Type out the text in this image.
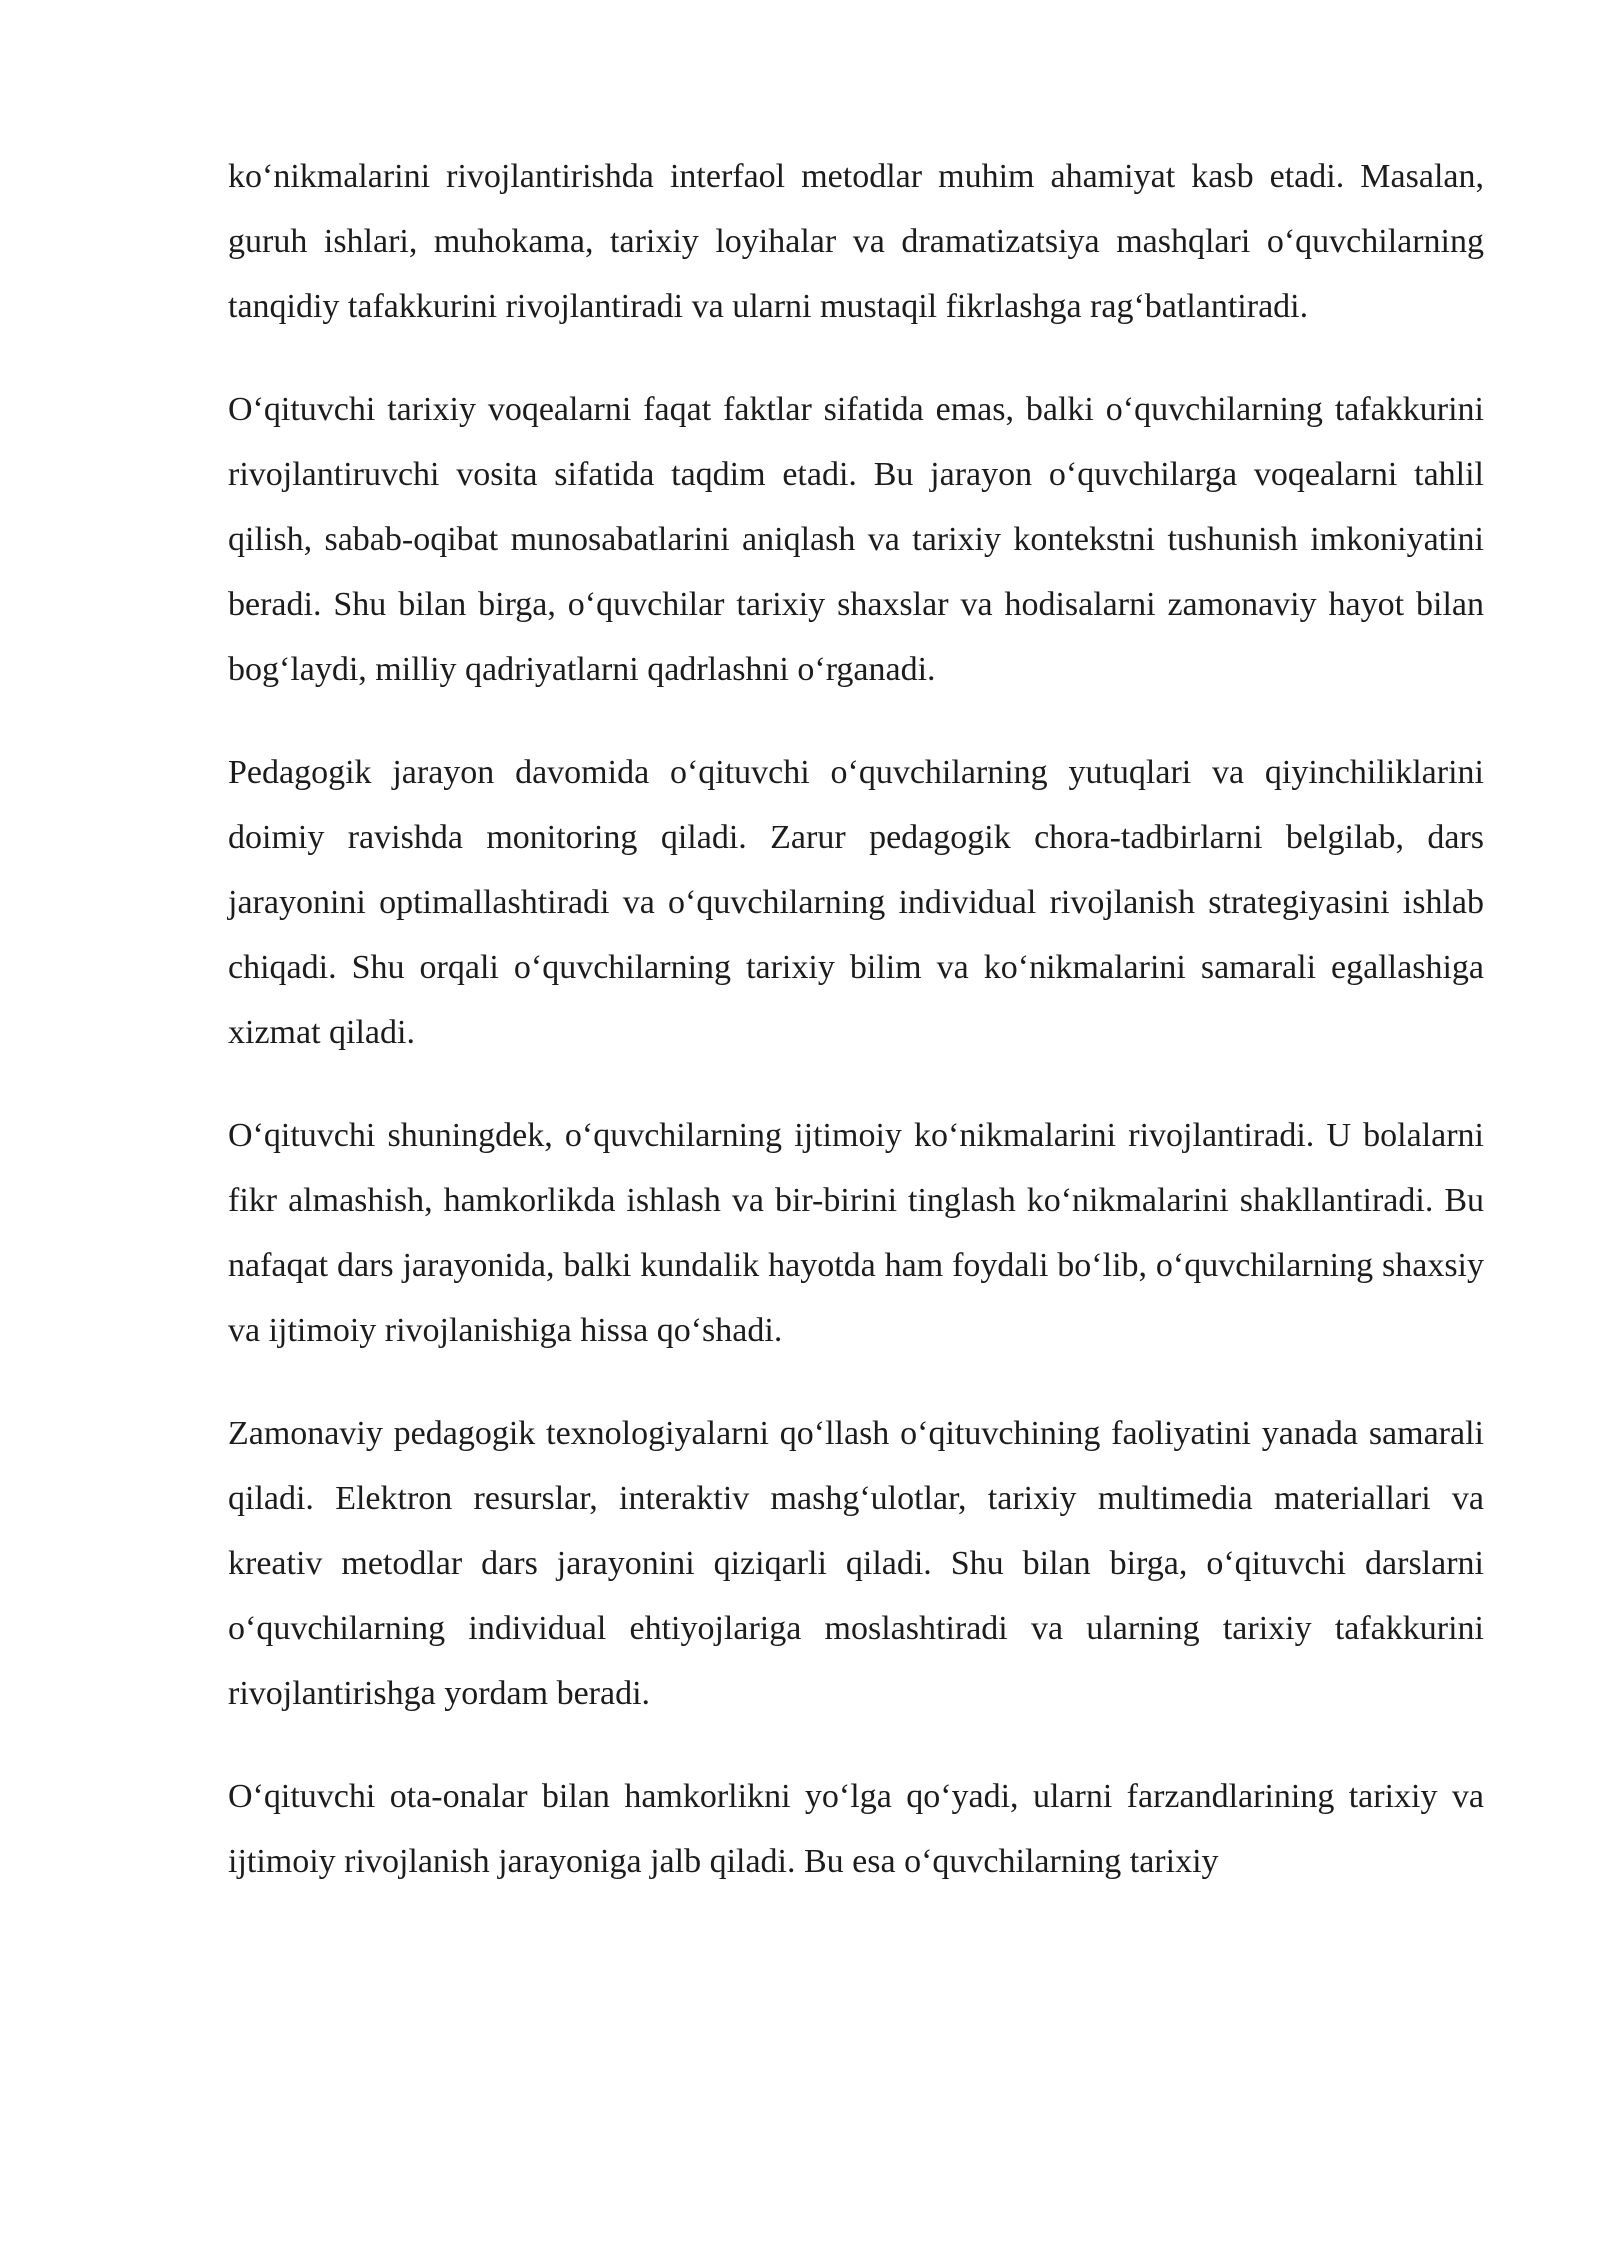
ko‘nikmalarini rivojlantirishda interfaol metodlar muhim ahamiyat kasb etadi. Masalan, guruh ishlari, muhokama, tarixiy loyihalar va dramatizatsiya mashqlari o‘quvchilarning tanqidiy tafakkurini rivojlantiradi va ularni mustaqil fikrlashga rag‘batlantiradi.

O‘qituvchi tarixiy voqealarni faqat faktlar sifatida emas, balki o‘quvchilarning tafakkurini rivojlantiruvchi vosita sifatida taqdim etadi. Bu jarayon o‘quvchilarga voqealarni tahlil qilish, sabab-oqibat munosabatlarini aniqlash va tarixiy kontekstni tushunish imkoniyatini beradi. Shu bilan birga, o‘quvchilar tarixiy shaxslar va hodisalarni zamonaviy hayot bilan bog‘laydi, milliy qadriyatlarni qadrlashni o‘rganadi.

Pedagogik jarayon davomida o‘qituvchi o‘quvchilarning yutuqlari va qiyinchiliklarini doimiy ravishda monitoring qiladi. Zarur pedagogik chora-tadbirlarni belgilab, dars jarayonini optimallashtiradi va o‘quvchilarning individual rivojlanish strategiyasini ishlab chiqadi. Shu orqali o‘quvchilarning tarixiy bilim va ko‘nikmalarini samarali egallashiga xizmat qiladi.

O‘qituvchi shuningdek, o‘quvchilarning ijtimoiy ko‘nikmalarini rivojlantiradi. U bolalarni fikr almashish, hamkorlikda ishlash va bir-birini tinglash ko‘nikmalarini shakllantiradi. Bu nafaqat dars jarayonida, balki kundalik hayotda ham foydali bo‘lib, o‘quvchilarning shaxsiy va ijtimoiy rivojlanishiga hissa qo‘shadi.

Zamonaviy pedagogik texnologiyalarni qo‘llash o‘qituvchining faoliyatini yanada samarali qiladi. Elektron resurslar, interaktiv mashg‘ulotlar, tarixiy multimedia materiallari va kreativ metodlar dars jarayonini qiziqarli qiladi. Shu bilan birga, o‘qituvchi darslarni o‘quvchilarning individual ehtiyojlariga moslashtiradi va ularning tarixiy tafakkurini rivojlantirishga yordam beradi.

O‘qituvchi ota-onalar bilan hamkorlikni yo‘lga qo‘yadi, ularni farzandlarining tarixiy va ijtimoiy rivojlanish jarayoniga jalb qiladi. Bu esa o‘quvchilarning tarixiy
